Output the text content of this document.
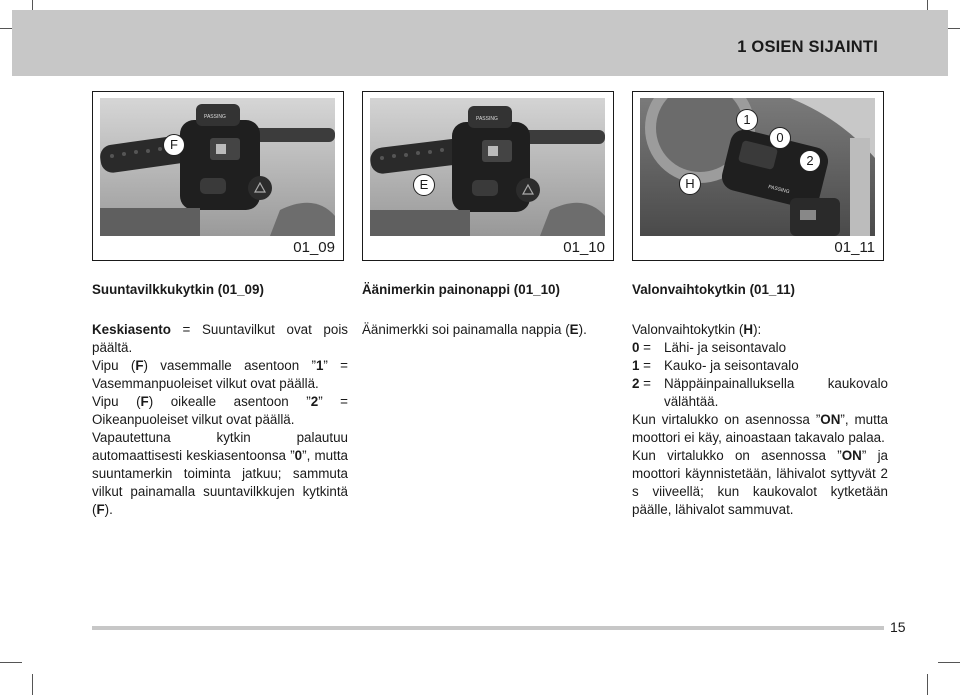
1 OSIEN SIJAINTI
PASSING
F
01_09
PASSING
E
01_10
PASSING
1
0
2
H
01_11
Suuntavilkkukytkin (01_09)

Keskiasento = Suuntavilkut ovat pois päältä.
Vipu (F) vasemmalle asentoon ”1” = Vasemmanpuoleiset vilkut ovat päällä.
Vipu (F) oikealle asentoon ”2” = Oikeanpuoleiset vilkut ovat päällä.
Vapautettuna kytkin palautuu automaattisesti keskiasentoonsa ”0”, mutta suuntamerkin toiminta jatkuu; sammuta vilkut painamalla suuntavilkkujen kytkintä (F).

Äänimerkin painonappi (01_10)

Äänimerkki soi painamalla nappia (E).

Valonvaihtokytkin (01_11)

Valonvaihtokytkin (H):

0 = Lähi- ja seisontavalo
1 = Kauko- ja seisontavalo
2 = Näppäinpainalluksella kaukovalo välähtää.

Kun virtalukko on asennossa ”ON”, mutta moottori ei käy, ainoastaan takavalo palaa.

Kun virtalukko on asennossa ”ON” ja moottori käynnistetään, lähivalot syttyvät 2 s viiveellä; kun kaukovalot kytketään päälle, lähivalot sammuvat.

15
